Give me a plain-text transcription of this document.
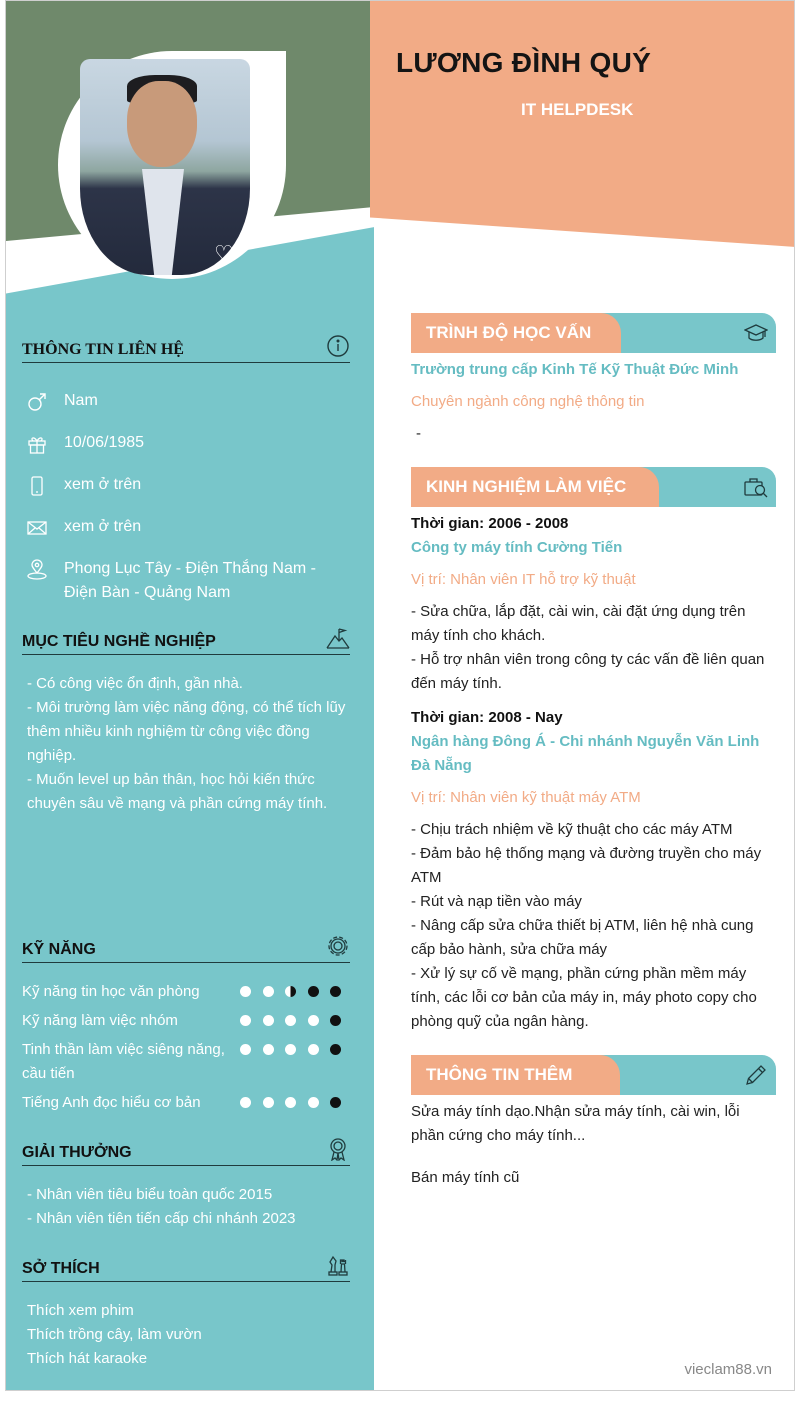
♡
LƯƠNG ĐÌNH QUÝ
IT HELPDESK
THÔNG TIN LIÊN HỆ
Nam
10/06/1985
xem ở trên
xem ở trên
Phong Lục Tây - Điện Thắng Nam - Điện Bàn - Quảng Nam
MỤC TIÊU NGHỀ NGHIỆP
- Có công việc ổn định, gần nhà.
- Môi trường làm việc năng động, có thể tích lũy thêm nhiều kinh nghiệm từ công việc đồng nghiệp.
- Muốn level up bản thân, học hỏi kiến thức chuyên sâu về mạng và phần cứng máy tính.
KỸ NĂNG
Kỹ năng tin học văn phòng
Kỹ năng làm việc nhóm
Tinh thần làm việc siêng năng, cầu tiến
Tiếng Anh đọc hiểu cơ bản
GIẢI THƯỞNG
- Nhân viên tiêu biểu toàn quốc 2015
- Nhân viên tiên tiến cấp chi nhánh 2023
SỞ THÍCH
Thích xem phim
Thích trồng cây, làm vườn
Thích hát karaoke
TRÌNH ĐỘ HỌC VẤN
Trường trung cấp Kinh Tế Kỹ Thuật Đức Minh
Chuyên ngành công nghệ thông tin
-
KINH NGHIỆM LÀM VIỆC
Thời gian: 2006 - 2008
Công ty máy tính Cường Tiến
Vị trí: Nhân viên IT hỗ trợ kỹ thuật
- Sửa chữa, lắp đặt, cài win, cài đặt ứng dụng trên máy tính cho khách.
- Hỗ trợ nhân viên trong công ty các vấn đề liên quan đến máy tính.
Thời gian: 2008 - Nay
Ngân hàng Đông Á - Chi nhánh Nguyễn Văn Linh Đà Nẵng
Vị trí: Nhân viên kỹ thuật máy ATM
- Chịu trách nhiệm về kỹ thuật cho các máy ATM
- Đảm bảo hệ thống mạng và đường truyền cho máy ATM
- Rút và nạp tiền vào máy
- Nâng cấp sửa chữa thiết bị ATM, liên hệ nhà cung cấp bảo hành, sửa chữa máy
- Xử lý sự cố về mạng, phần cứng phần mềm máy tính, các lỗi cơ bản của máy in, máy photo copy cho phòng quỹ của ngân hàng.
THÔNG TIN THÊM
Sửa máy tính dạo.Nhận sửa máy tính, cài win, lỗi phần cứng cho máy tính...
Bán máy tính cũ
vieclam88.vn
